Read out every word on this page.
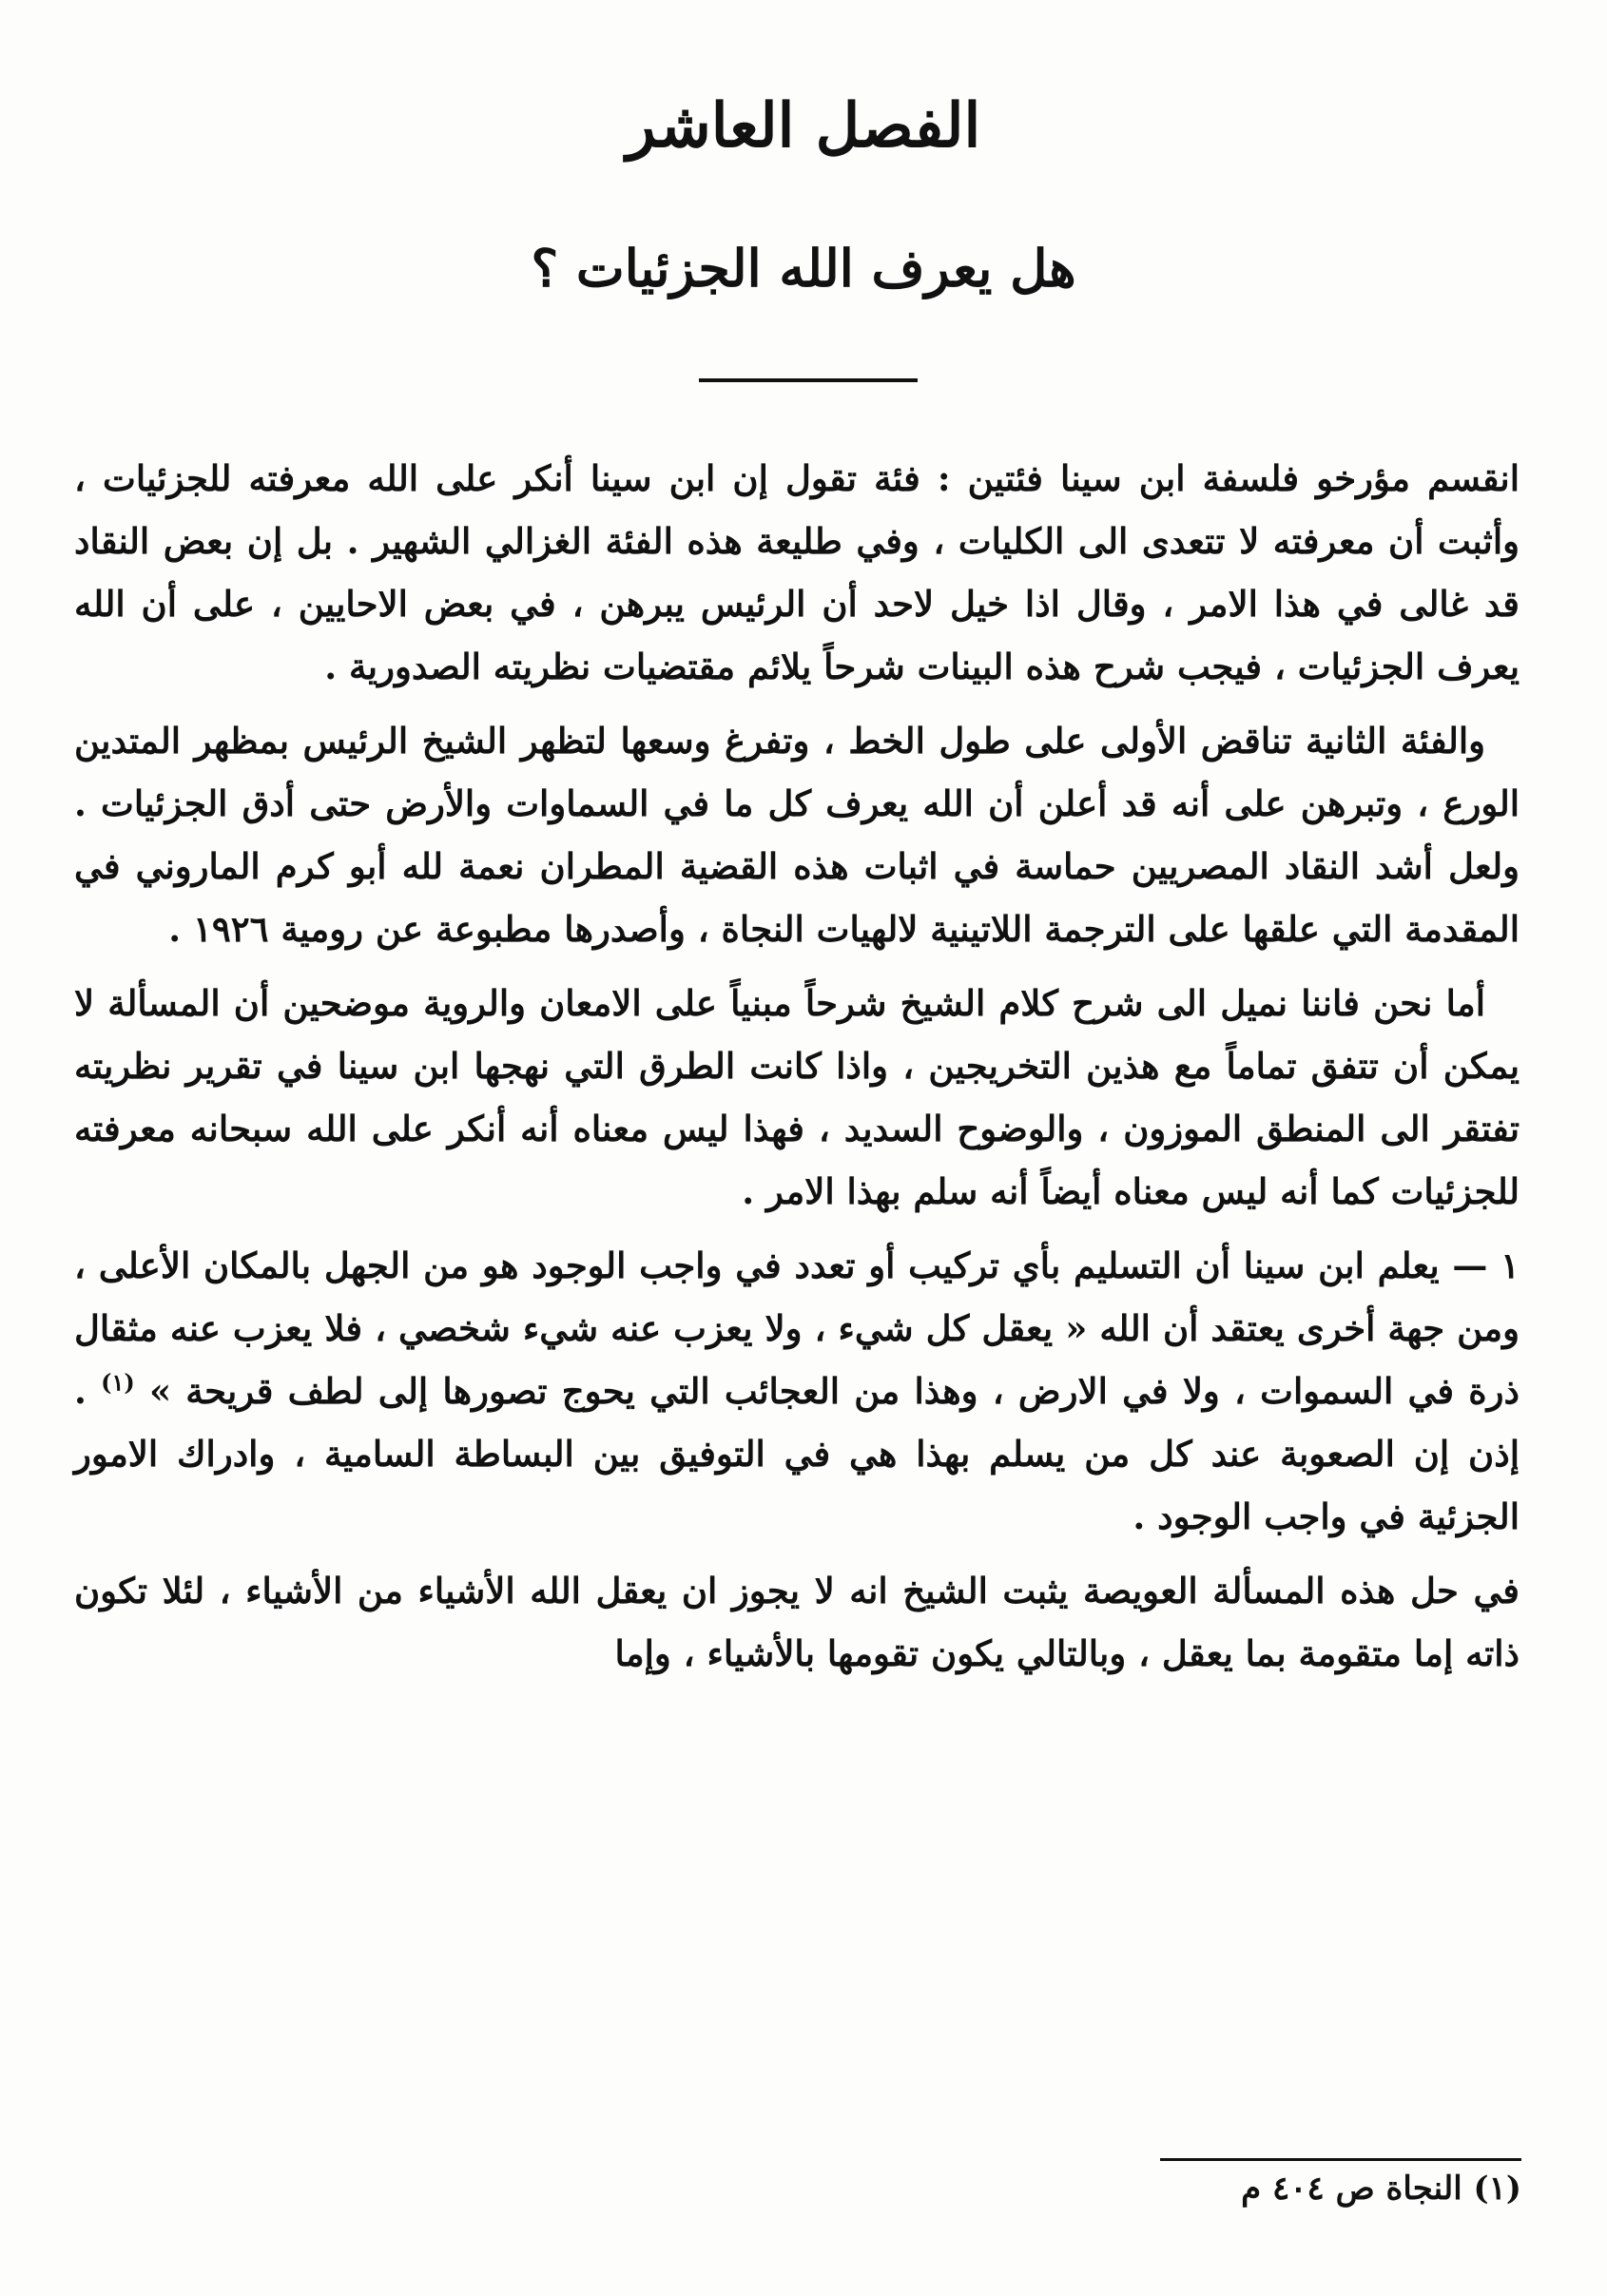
الفصل العاشر
هل يعرف الله الجزئيات ؟

انقسم مؤرخو فلسفة ابن سينا فئتين : فئة تقول إن ابن سينا أنكر على الله معرفته للجزئيات ، وأثبت أن معرفته لا تتعدى الى الكليات ، وفي طليعة هذه الفئة الغزالي الشهير . بل إن بعض النقاد قد غالى في هذا الامر ، وقال اذا خيل لاحد أن الرئيس يبرهن ، في بعض الاحايين ، على أن الله يعرف الجزئيات ، فيجب شرح هذه البينات شرحاً يلائم مقتضيات نظريته الصدورية .

والفئة الثانية تناقض الأولى على طول الخط ، وتفرغ وسعها لتظهر الشيخ الرئيس بمظهر المتدين الورع ، وتبرهن على أنه قد أعلن أن الله يعرف كل ما في السماوات والأرض حتى أدق الجزئيات . ولعل أشد النقاد المصريين حماسة في اثبات هذه القضية المطران نعمة لله أبو كرم الماروني في المقدمة التي علقها على الترجمة اللاتينية لالهيات النجاة ، وأصدرها مطبوعة عن رومية ١٩٢٦ .

أما نحن فاننا نميل الى شرح كلام الشيخ شرحاً مبنياً على الامعان والروية موضحين أن المسألة لا يمكن أن تتفق تماماً مع هذين التخريجين ، واذا كانت الطرق التي نهجها ابن سينا في تقرير نظريته تفتقر الى المنطق الموزون ، والوضوح السديد ، فهذا ليس معناه أنه أنكر على الله سبحانه معرفته للجزئيات كما أنه ليس معناه أيضاً أنه سلم بهذا الامر .

١ — يعلم ابن سينا أن التسليم بأي تركيب أو تعدد في واجب الوجود هو من الجهل بالمكان الأعلى ، ومن جهة أخرى يعتقد أن الله « يعقل كل شيء ، ولا يعزب عنه شيء شخصي ، فلا يعزب عنه مثقال ذرة في السموات ، ولا في الارض ، وهذا من العجائب التي يحوج تصورها إلى لطف قريحة » $^{(١)}$ . إذن إن الصعوبة عند كل من يسلم بهذا هي في التوفيق بين البساطة السامية ، وادراك الامور الجزئية في واجب الوجود .

في حل هذه المسألة العويصة يثبت الشيخ انه لا يجوز ان يعقل الله الأشياء من الأشياء ، لئلا تكون ذاته إما متقومة بما يعقل ، وبالتالي يكون تقومها بالأشياء ، وإما

(١) النجاة ص ٤٠٤ م
